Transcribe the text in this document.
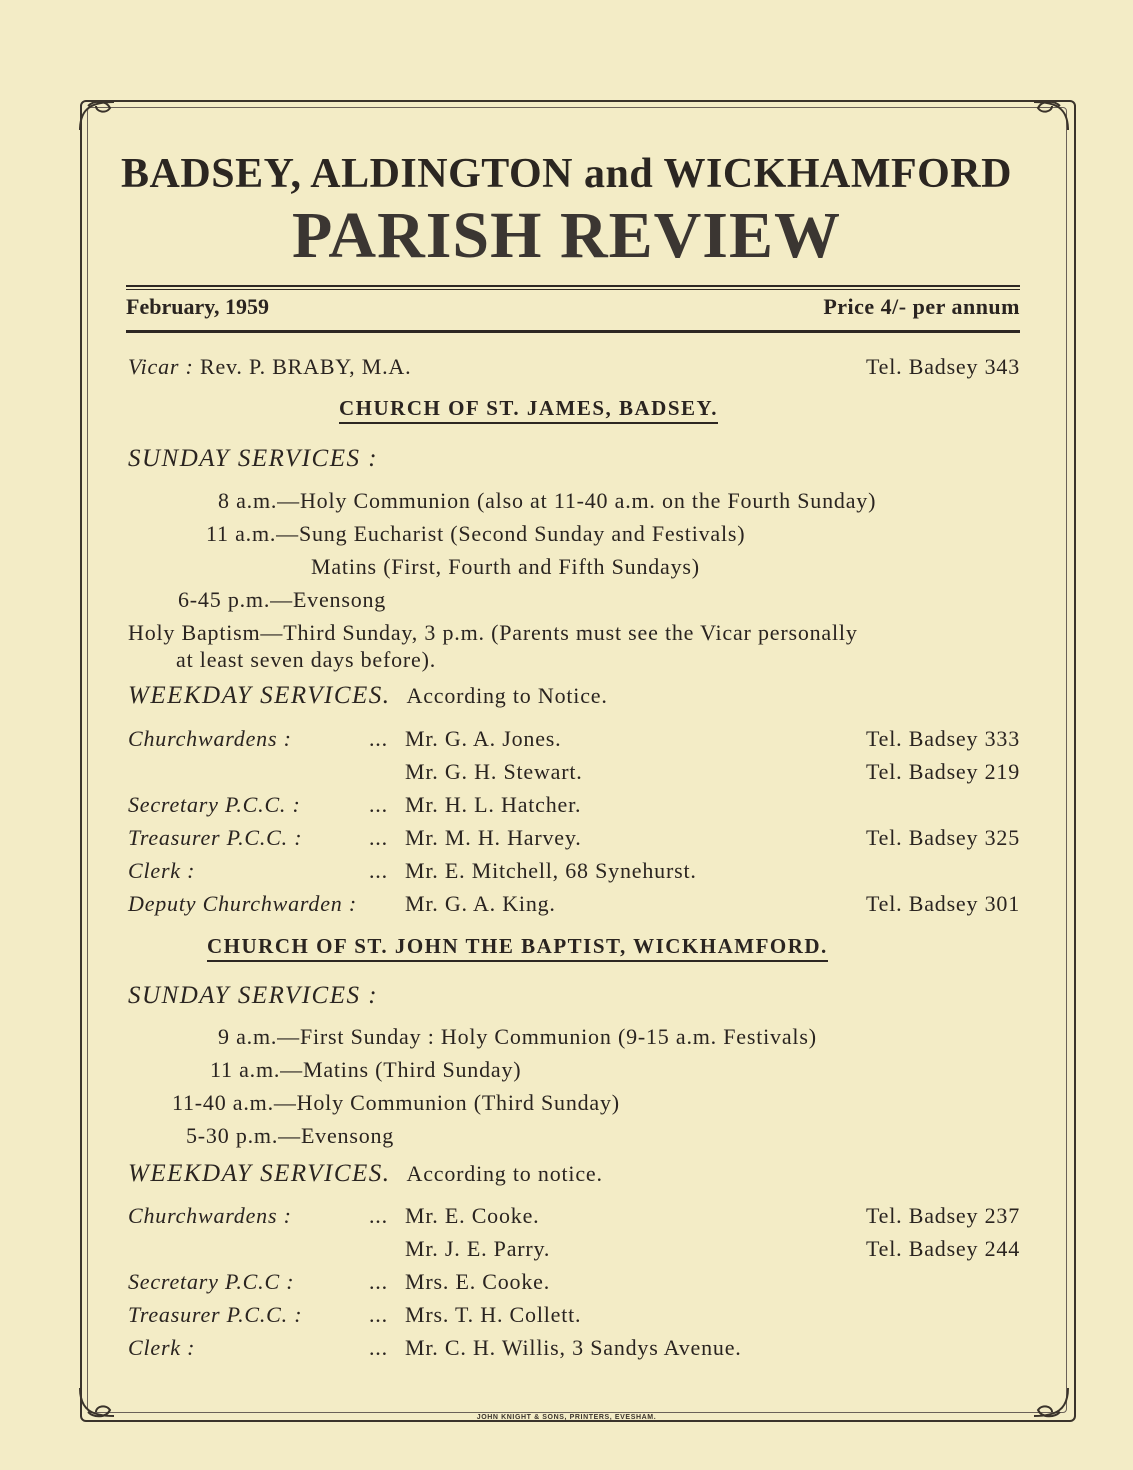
BADSEY, ALDINGTON and WICKHAMFORD
PARISH REVIEW
February, 1959	Price 4/- per annum
Vicar : Rev. P. BRABY, M.A.	Tel. Badsey 343
CHURCH OF ST. JAMES, BADSEY.
SUNDAY SERVICES :
8 a.m.—Holy Communion (also at 11-40 a.m. on the Fourth Sunday)
11 a.m.—Sung Eucharist (Second Sunday and Festivals)
Matins (First, Fourth and Fifth Sundays)
6-45 p.m.—Evensong
Holy Baptism—Third Sunday, 3 p.m. (Parents must see the Vicar personally
at least seven days before).
WEEKDAY SERVICES. According to Notice.
Churchwardens :	... Mr. G. A. Jones.	Tel. Badsey 333
Mr. G. H. Stewart.	Tel. Badsey 219
Secretary P.C.C. :	... Mr. H. L. Hatcher.
Treasurer P.C.C. :	... Mr. M. H. Harvey.	Tel. Badsey 325
Clerk :	... Mr. E. Mitchell, 68 Synehurst.
Deputy Churchwarden : Mr. G. A. King.	Tel. Badsey 301
CHURCH OF ST. JOHN THE BAPTIST, WICKHAMFORD.
SUNDAY SERVICES :
9 a.m.—First Sunday : Holy Communion (9-15 a.m. Festivals)
11 a.m.—Matins (Third Sunday)
11-40 a.m.—Holy Communion (Third Sunday)
5-30 p.m.—Evensong
WEEKDAY SERVICES. According to notice.
Churchwardens :	... Mr. E. Cooke.	Tel. Badsey 237
Mr. J. E. Parry.	Tel. Badsey 244
Secretary P.C.C :	... Mrs. E. Cooke.
Treasurer P.C.C. :	... Mrs. T. H. Collett.
Clerk :	... Mr. C. H. Willis, 3 Sandys Avenue.
JOHN KNIGHT & SONS, PRINTERS, EVESHAM.
